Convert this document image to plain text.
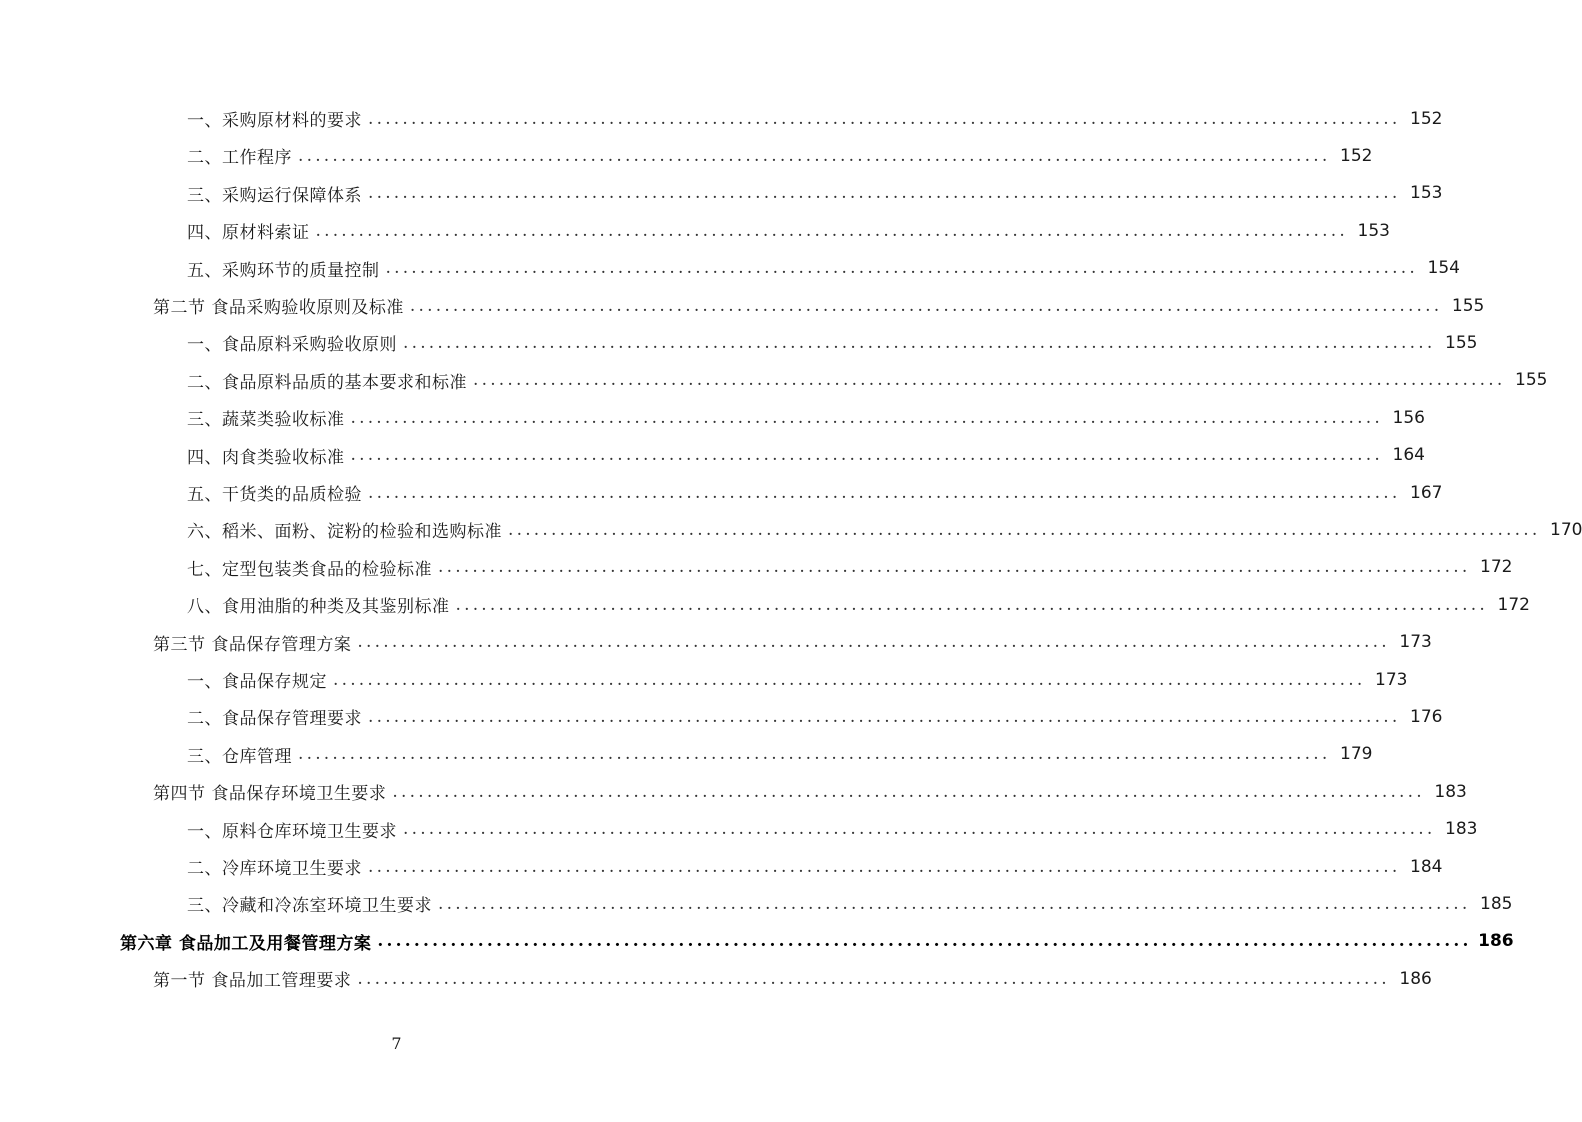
一、采购原材料的要求 ........................................................................................................................ 152
二、工作程序 ........................................................................................................................ 152
三、采购运行保障体系 ........................................................................................................................ 153
四、原材料索证 ........................................................................................................................ 153
五、采购环节的质量控制 ........................................................................................................................ 154
第二节 食品采购验收原则及标准 ........................................................................................................................ 155
一、食品原料采购验收原则 ........................................................................................................................ 155
二、食品原料品质的基本要求和标准 ........................................................................................................................ 155
三、蔬菜类验收标准 ........................................................................................................................ 156
四、肉食类验收标准 ........................................................................................................................ 164
五、干货类的品质检验 ........................................................................................................................ 167
六、稻米、面粉、淀粉的检验和选购标准 ........................................................................................................................ 170
七、定型包装类食品的检验标准 ........................................................................................................................ 172
八、食用油脂的种类及其鉴别标准 ........................................................................................................................ 172
第三节 食品保存管理方案 ........................................................................................................................ 173
一、食品保存规定 ........................................................................................................................ 173
二、食品保存管理要求 ........................................................................................................................ 176
三、仓库管理 ........................................................................................................................ 179
第四节 食品保存环境卫生要求 ........................................................................................................................ 183
一、原料仓库环境卫生要求 ........................................................................................................................ 183
二、冷库环境卫生要求 ........................................................................................................................ 184
三、冷藏和冷冻室环境卫生要求 ........................................................................................................................ 185
第六章 食品加工及用餐管理方案 ........................................................................................................................ 186
第一节 食品加工管理要求 ........................................................................................................................ 186
7
